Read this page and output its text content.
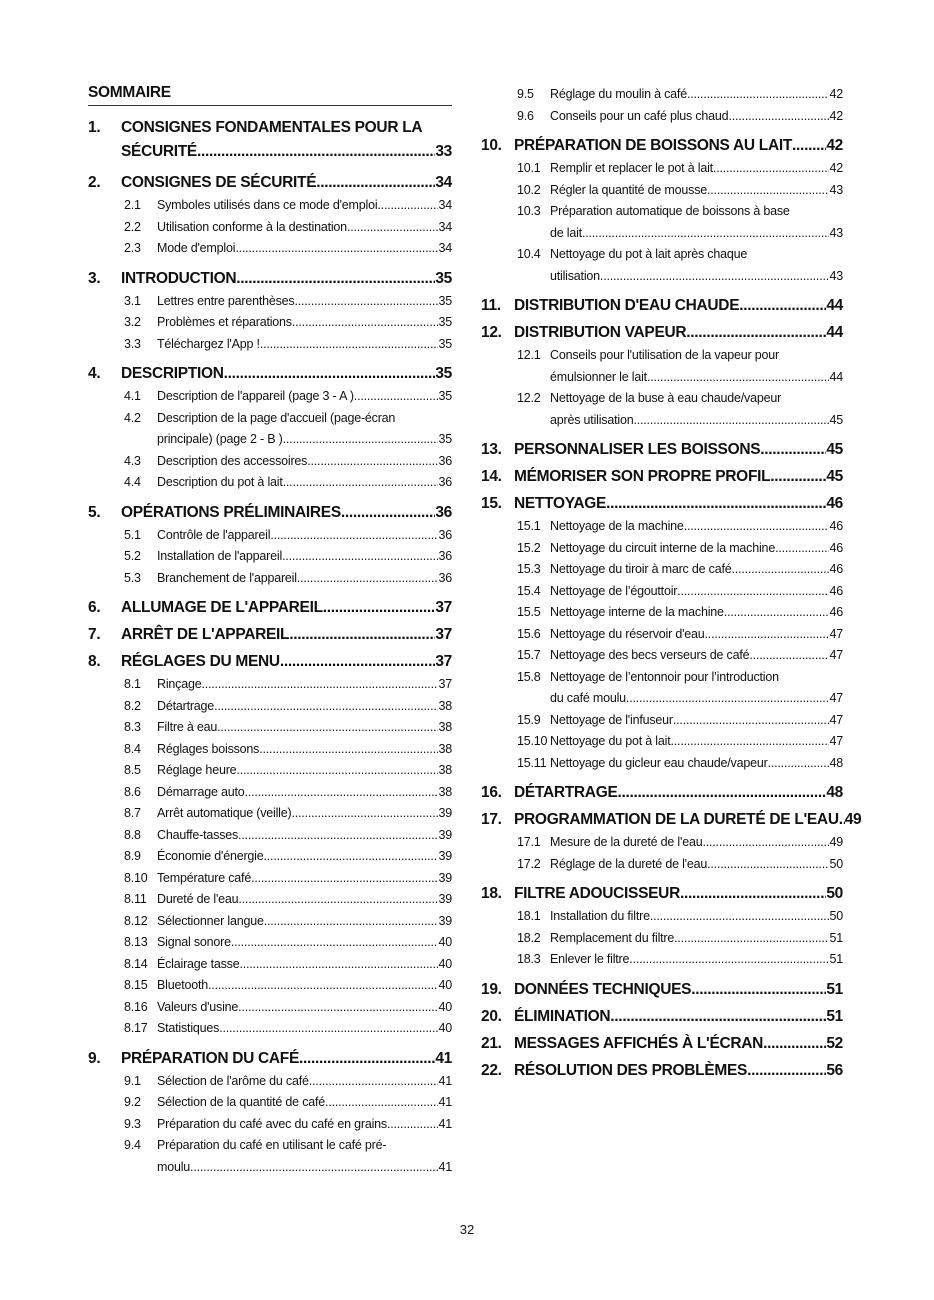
SOMMAIRE
1.	CONSIGNES FONDAMENTALES POUR LA
SÉCURITÉ .....	33
2.	CONSIGNES DE SÉCURITÉ .....	34
2.1	Symboles utilisés dans ce mode d'emploi .....	34
2.2	Utilisation conforme à la destination .....	34
2.3	Mode d'emploi .....	34
3.	INTRODUCTION .....	35
3.1	Lettres entre parenthèses .....	35
3.2	Problèmes et réparations .....	35
3.3	Téléchargez l'App ! .....	35
4.	DESCRIPTION .....	35
4.1	Description de l'appareil (page 3 - A ) .....	35
4.2	Description de la page d'accueil (page-écran
principale) (page 2 - B ) .....	35
4.3	Description des accessoires .....	36
4.4	Description du pot à lait .....	36
5.	OPÉRATIONS PRÉLIMINAIRES .....	36
5.1	Contrôle de l'appareil .....	36
5.2	Installation de l'appareil .....	36
5.3	Branchement de l'appareil .....	36
6.	ALLUMAGE DE L'APPAREIL .....	37
7.	ARRÊT DE L'APPAREIL .....	37
8.	RÉGLAGES DU MENU .....	37
8.1	Rinçage .....	37
8.2	Détartrage .....	38
8.3	Filtre à eau .....	38
8.4	Réglages boissons .....	38
8.5	Réglage heure .....	38
8.6	Démarrage auto .....	38
8.7	Arrêt automatique (veille) .....	39
8.8	Chauffe-tasses .....	39
8.9	Économie d'énergie .....	39
8.10 Température café .....	39
8.11 Dureté de l'eau .....	39
8.12 Sélectionner langue .....	39
8.13 Signal sonore .....	40
8.14 Éclairage tasse .....	40
8.15 Bluetooth .....	40
8.16 Valeurs d'usine .....	40
8.17 Statistiques .....	40
9.	PRÉPARATION DU CAFÉ .....	41
9.1	Sélection de l'arôme du café .....	41
9.2	Sélection de la quantité de café .....	41
9.3	Préparation du café avec du café en grains .....	41
9.4	Préparation du café en utilisant le café pré-
moulu .....	41
9.5	Réglage du moulin à café .....	42
9.6	Conseils pour un café plus chaud .....	42
10. PRÉPARATION DE BOISSONS AU LAIT ..... 42
10.1 Remplir et replacer le pot à lait .....	42
10.2 Régler la quantité de mousse .....	43
10.3 Préparation automatique de boissons à base
de lait .....	43
10.4 Nettoyage du pot à lait après chaque
utilisation .....	43
11. DISTRIBUTION D'EAU CHAUDE .....	44
12. DISTRIBUTION VAPEUR .....	44
12.1 Conseils pour l'utilisation de la vapeur pour
émulsionner le lait .....	44
12.2 Nettoyage de la buse à eau chaude/vapeur
après utilisation .....	45
13. PERSONNALISER LES BOISSONS .....	45
14. MÉMORISER SON PROPRE PROFIL .....	45
15. NETTOYAGE .....	46
15.1 Nettoyage de la machine .....	46
15.2 Nettoyage du circuit interne de la machine .....	46
15.3 Nettoyage du tiroir à marc de café .....	46
15.4 Nettoyage de l’égouttoir .....	46
15.5 Nettoyage interne de la machine .....	46
15.6 Nettoyage du réservoir d'eau .....	47
15.7 Nettoyage des becs verseurs de café .....	47
15.8 Nettoyage de l’entonnoir pour l’introduction
du café moulu .....	47
15.9 Nettoyage de l'infuseur .....	47
15.10 Nettoyage du pot à lait .....	47
15.11 Nettoyage du gicleur eau chaude/vapeur .....	48
16. DÉTARTRAGE .....	48
17. PROGRAMMATION DE LA DURETÉ DE L'EAU ..... 49
17.1 Mesure de la dureté de l'eau .....	49
17.2 Réglage de la dureté de l'eau .....	50
18. FILTRE ADOUCISSEUR .....	50
18.1 Installation du filtre .....	50
18.2 Remplacement du filtre .....	51
18.3 Enlever le filtre .....	51
19. DONNÉES TECHNIQUES .....	51
20. ÉLIMINATION .....	51
21. MESSAGES AFFICHÉS À L'ÉCRAN .....	52
22. RÉSOLUTION DES PROBLÈMES .....	56
32
